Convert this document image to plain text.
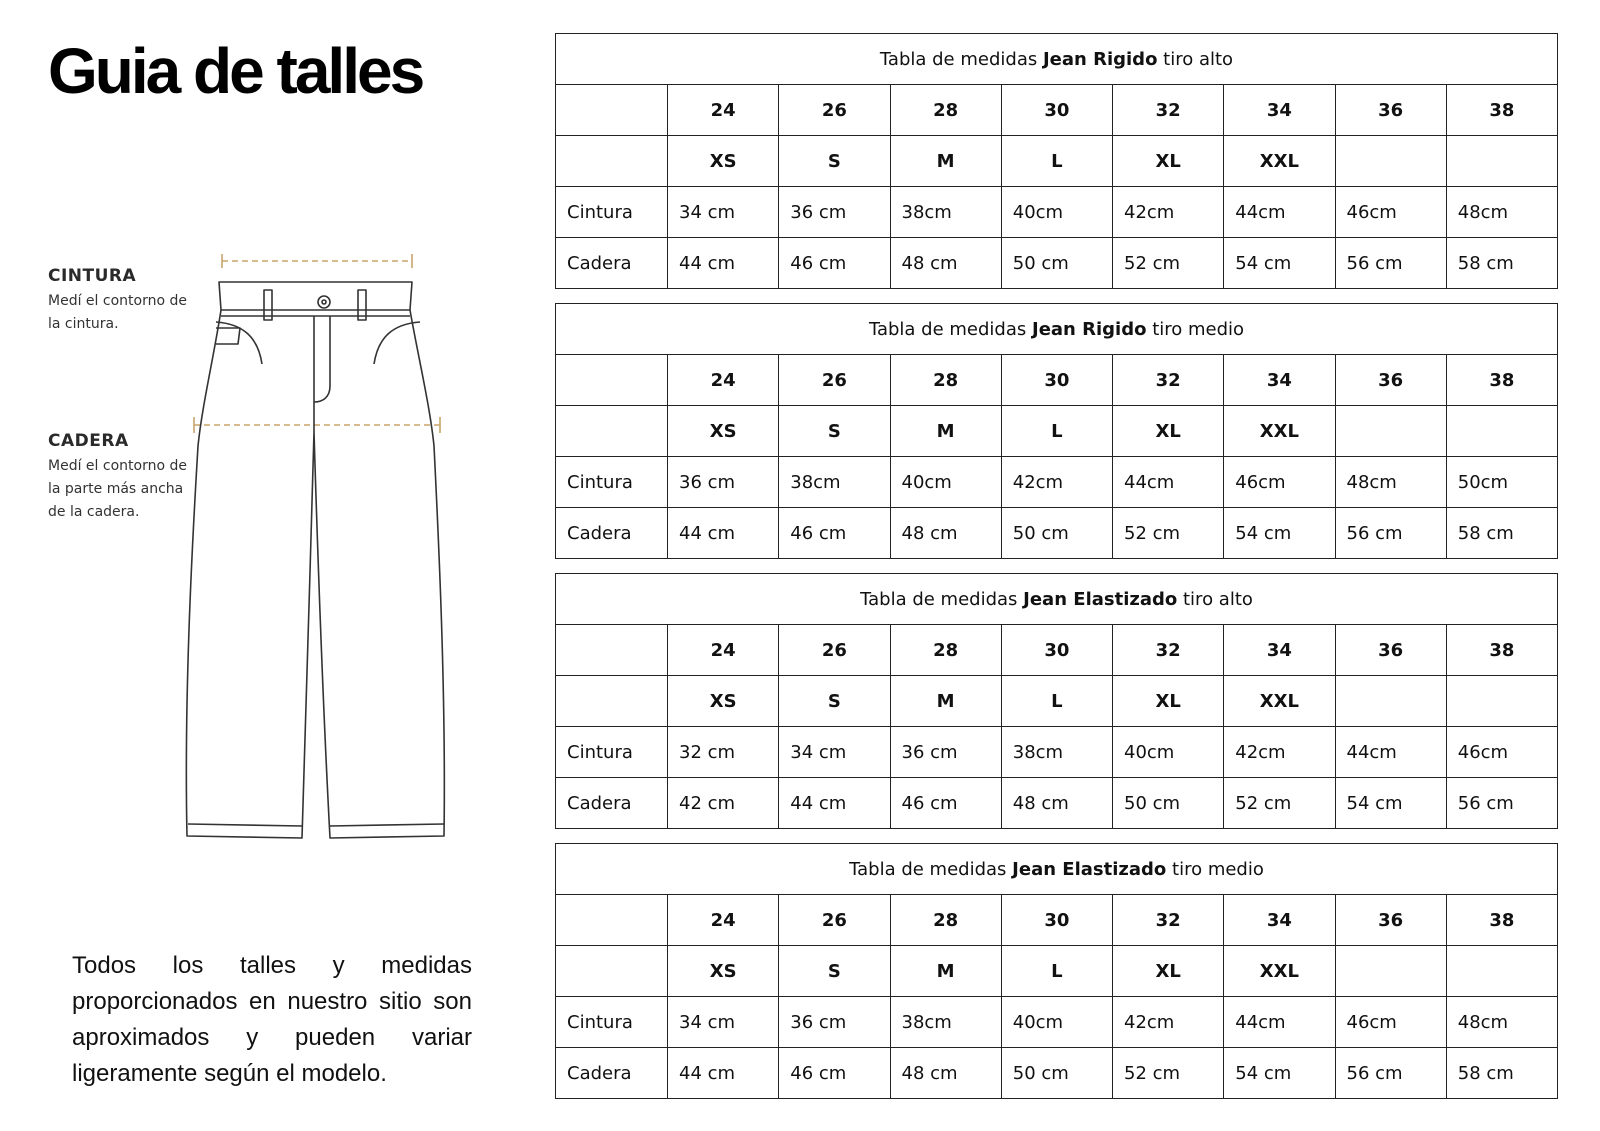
Guia de talles
CINTURA
Medí el contorno de la cintura.
CADERA
Medí el contorno de la parte más ancha de la cadera.

Todos los talles y medidas proporcionados en nuestro sitio son aproximados y pueden variar ligeramente según el modelo.

Tabla de medidas Jean Rigido tiro alto								
	24	26	28	30	32	34	36	38
	XS	S	M	L	XL	XXL		
Cintura	34 cm	36 cm	38cm	40cm	42cm	44cm	46cm	48cm
Cadera	44 cm	46 cm	48 cm	50 cm	52 cm	54 cm	56 cm	58 cm
Tabla de medidas Jean Rigido tiro medio								
	24	26	28	30	32	34	36	38
	XS	S	M	L	XL	XXL		
Cintura	36 cm	38cm	40cm	42cm	44cm	46cm	48cm	50cm
Cadera	44 cm	46 cm	48 cm	50 cm	52 cm	54 cm	56 cm	58 cm
Tabla de medidas Jean Elastizado tiro alto								
	24	26	28	30	32	34	36	38
	XS	S	M	L	XL	XXL		
Cintura	32 cm	34 cm	36 cm	38cm	40cm	42cm	44cm	46cm
Cadera	42 cm	44 cm	46 cm	48 cm	50 cm	52 cm	54 cm	56 cm
Tabla de medidas Jean Elastizado tiro medio								
	24	26	28	30	32	34	36	38
	XS	S	M	L	XL	XXL		
Cintura	34 cm	36 cm	38cm	40cm	42cm	44cm	46cm	48cm
Cadera	44 cm	46 cm	48 cm	50 cm	52 cm	54 cm	56 cm	58 cm
